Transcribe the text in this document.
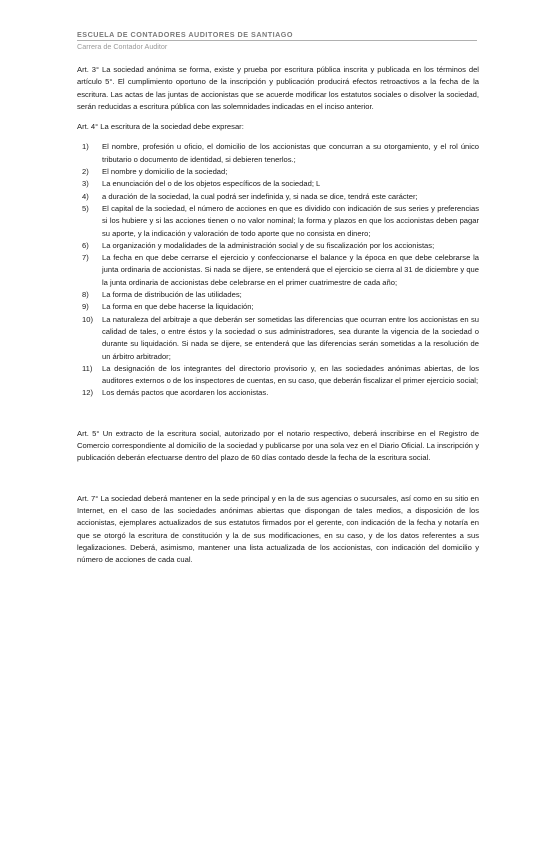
ESCUELA DE CONTADORES AUDITORES DE SANTIAGO
Carrera de Contador Auditor

Art. 3° La sociedad anónima se forma, existe y prueba por escritura pública inscrita y publicada en los términos del artículo 5°. El cumplimiento oportuno de la inscripción y publicación producirá efectos retroactivos a la fecha de la escritura. Las actas de las juntas de accionistas que se acuerde modificar los estatutos sociales o disolver la sociedad, serán reducidas a escritura pública con las solemnidades indicadas en el inciso anterior.

Art. 4° La escritura de la sociedad debe expresar:

1)	El nombre, profesión u oficio, el domicilio de los accionistas que concurran a su otorgamiento, y el rol único tributario o documento de identidad, si debieren tenerlos.;
2)	El nombre y domicilio de la sociedad;
3)	La enunciación del o de los objetos específicos de la sociedad; L
4)	a duración de la sociedad, la cual podrá ser indefinida y, si nada se dice, tendrá este carácter;
5)	El capital de la sociedad, el número de acciones en que es dividido con indicación de sus series y preferencias si los hubiere y si las acciones tienen o no valor nominal; la forma y plazos en que los accionistas deben pagar su aporte, y la indicación y valoración de todo aporte que no consista en dinero;
6)	La organización y modalidades de la administración social y de su fiscalización por los accionistas;
7)	La fecha en que debe cerrarse el ejercicio y confeccionarse el balance y la época en que debe celebrarse la junta ordinaria de accionistas. Si nada se dijere, se entenderá que el ejercicio se cierra al 31 de diciembre y que la junta ordinaria de accionistas debe celebrarse en el primer cuatrimestre de cada año;
8)	La forma de distribución de las utilidades;
9)	La forma en que debe hacerse la liquidación;
10)	La naturaleza del arbitraje a que deberán ser sometidas las diferencias que ocurran entre los accionistas en su calidad de tales, o entre éstos y la sociedad o sus administradores, sea durante la vigencia de la sociedad o durante su liquidación. Si nada se dijere, se entenderá que las diferencias serán sometidas a la resolución de un árbitro arbitrador;
11)	La designación de los integrantes del directorio provisorio y, en las sociedades anónimas abiertas, de los auditores externos o de los inspectores de cuentas, en su caso, que deberán fiscalizar el primer ejercicio social;
12)	Los demás pactos que acordaren los accionistas.

Art. 5° Un extracto de la escritura social, autorizado por el notario respectivo, deberá inscribirse en el Registro de Comercio correspondiente al domicilio de la sociedad y publicarse por una sola vez en el Diario Oficial. La inscripción y publicación deberán efectuarse dentro del plazo de 60 días contado desde la fecha de la escritura social.

Art. 7° La sociedad deberá mantener en la sede principal y en la de sus agencias o sucursales, así como en su sitio en Internet, en el caso de las sociedades anónimas abiertas que dispongan de tales medios, a disposición de los accionistas, ejemplares actualizados de sus estatutos firmados por el gerente, con indicación de la fecha y notaría en que se otorgó la escritura de constitución y la de sus modificaciones, en su caso, y de los datos referentes a sus legalizaciones. Deberá, asimismo, mantener una lista actualizada de los accionistas, con indicación del domicilio y número de acciones de cada cual.
